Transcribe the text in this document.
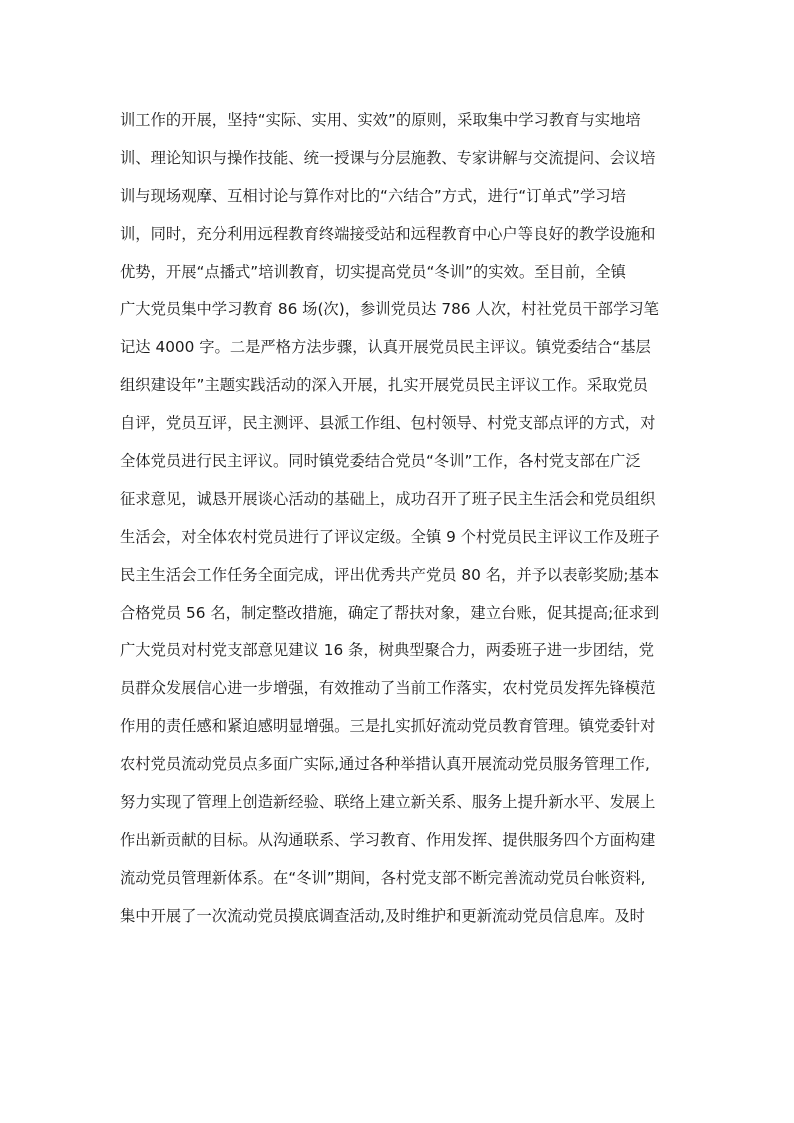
训工作的开展，坚持“实际、实用、实效”的原则，采取集中学习教育与实地培
训、理论知识与操作技能、统一授课与分层施教、专家讲解与交流提问、会议培
训与现场观摩、互相讨论与算作对比的“六结合”方式，进行“订单式”学习培
训，同时，充分利用远程教育终端接受站和远程教育中心户等良好的教学设施和
优势，开展“点播式”培训教育，切实提高党员“冬训”的实效。至目前，全镇
广大党员集中学习教育 86 场(次)，参训党员达 786 人次，村社党员干部学习笔
记达 4000 字。二是严格方法步骤，认真开展党员民主评议。镇党委结合“基层
组织建设年”主题实践活动的深入开展，扎实开展党员民主评议工作。采取党员
自评，党员互评，民主测评、县派工作组、包村领导、村党支部点评的方式，对
全体党员进行民主评议。同时镇党委结合党员“冬训”工作，各村党支部在广泛
征求意见，诚恳开展谈心活动的基础上，成功召开了班子民主生活会和党员组织
生活会，对全体农村党员进行了评议定级。全镇 9 个村党员民主评议工作及班子
民主生活会工作任务全面完成，评出优秀共产党员 80 名，并予以表彰奖励;基本
合格党员 56 名，制定整改措施，确定了帮扶对象，建立台账，促其提高;征求到
广大党员对村党支部意见建议 16 条，树典型聚合力，两委班子进一步团结，党
员群众发展信心进一步增强，有效推动了当前工作落实，农村党员发挥先锋模范
作用的责任感和紧迫感明显增强。三是扎实抓好流动党员教育管理。镇党委针对
农村党员流动党员点多面广实际,通过各种举措认真开展流动党员服务管理工作,
努力实现了管理上创造新经验、联络上建立新关系、服务上提升新水平、发展上
作出新贡献的目标。从沟通联系、学习教育、作用发挥、提供服务四个方面构建
流动党员管理新体系。在“冬训”期间，各村党支部不断完善流动党员台帐资料,
集中开展了一次流动党员摸底调查活动,及时维护和更新流动党员信息库。及时
